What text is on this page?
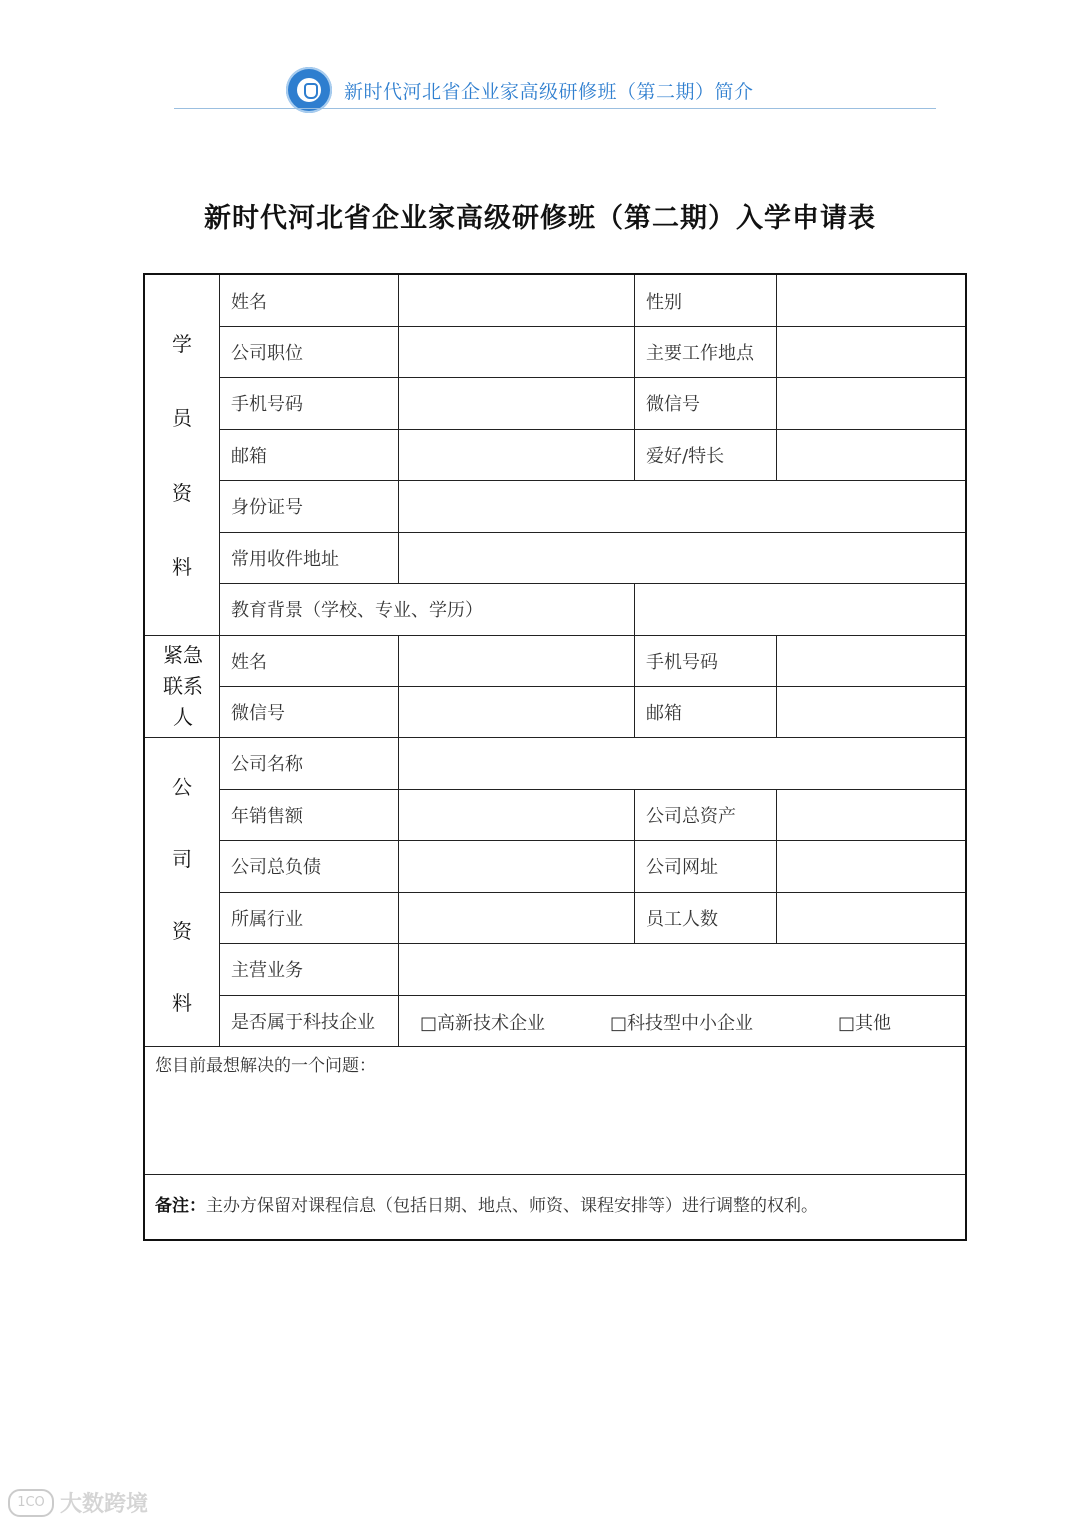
新时代河北省企业家高级研修班（第二期）简介
新时代河北省企业家高级研修班（第二期）入学申请表
学
员
资
料
紧急联系人
公
司
资
料
姓名	性别
公司职位	主要工作地点
手机号码	微信号
邮箱	爱好/特长
身份证号
常用收件地址
教育背景（学校、专业、学历）
姓名	手机号码
微信号	邮箱
公司名称
年销售额	公司总资产
公司总负债	公司网址
所属行业	员工人数
主营业务
是否属于科技企业	□高新技术企业	□科技型中小企业	□其他
您目前最想解决的一个问题：
备注：主办方保留对课程信息（包括日期、地点、师资、课程安排等）进行调整的权利。
1CO 大数跨境
